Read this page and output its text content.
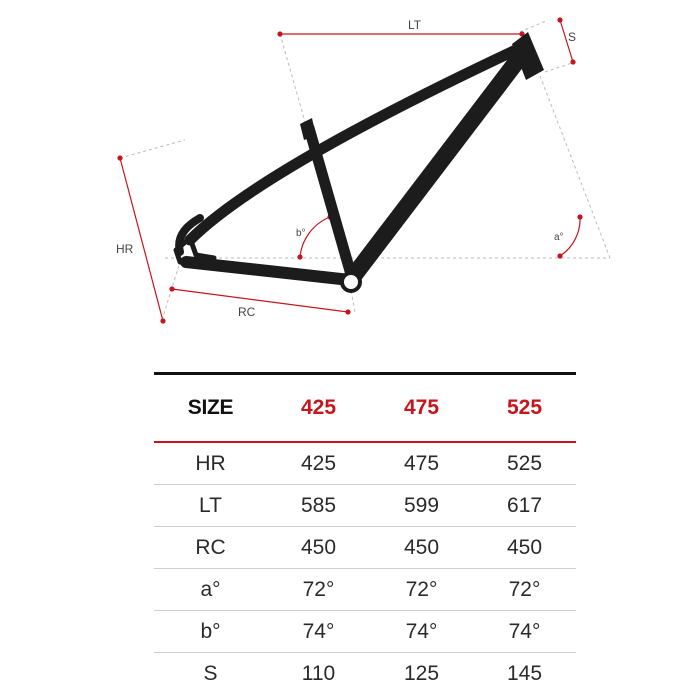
LT
S
HR
RC
b°	a°
SIZE	425	475	525
HR	425	475	525
LT	585	599	617
RC	450	450	450
a°	72°	72°	72°
b°	74°	74°	74°
S	110	125	145
